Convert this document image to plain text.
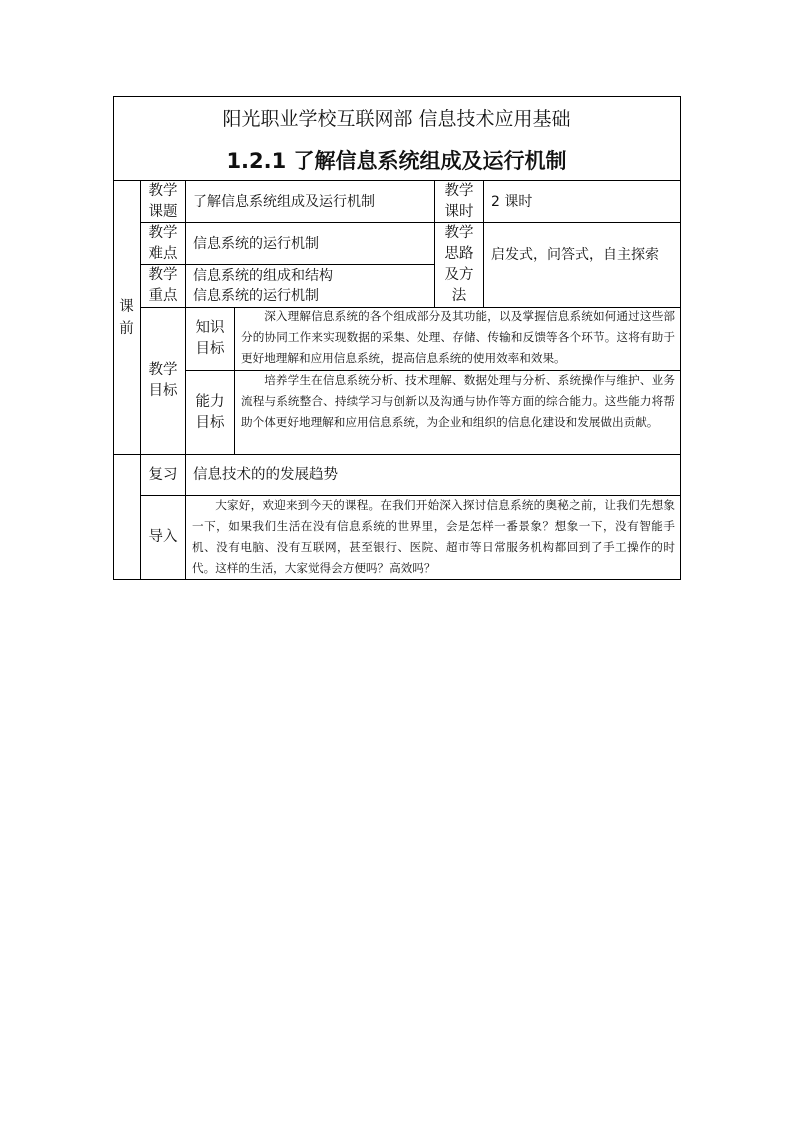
阳光职业学校互联网部 信息技术应用基础
1.2.1 了解信息系统组成及运行机制
课前
教学
课题
了解信息系统组成及运行机制
教学
课时
2 课时
教学
难点
信息系统的运行机制
教学
思路
及方
法
启发式，问答式，自主探索
教学
重点
信息系统的组成和结构
信息系统的运行机制
教学
目标
知识
目标
深入理解信息系统的各个组成部分及其功能，以及掌握信息系统如何通过这些部分的协同工作来实现数据的采集、处理、存储、传输和反馈等各个环节。这将有助于更好地理解和应用信息系统，提高信息系统的使用效率和效果。
能力
目标
培养学生在信息系统分析、技术理解、数据处理与分析、系统操作与维护、业务流程与系统整合、持续学习与创新以及沟通与协作等方面的综合能力。这些能力将帮助个体更好地理解和应用信息系统，为企业和组织的信息化建设和发展做出贡献。
复习	信息技术的的发展趋势
导入
大家好，欢迎来到今天的课程。在我们开始深入探讨信息系统的奥秘之前，让我们先想象一下，如果我们生活在没有信息系统的世界里，会是怎样一番景象？想象一下，没有智能手机、没有电脑、没有互联网，甚至银行、医院、超市等日常服务机构都回到了手工操作的时代。这样的生活，大家觉得会方便吗？高效吗？
